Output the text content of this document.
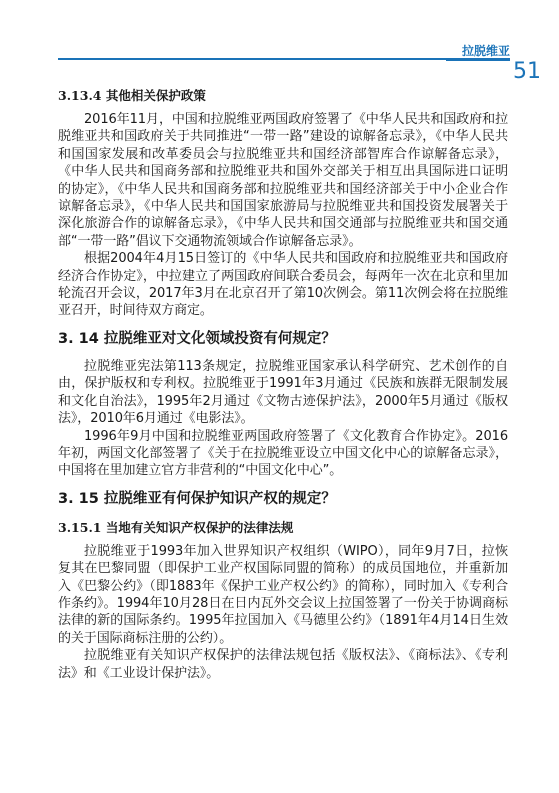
拉脱维亚
51
3.13.4 其他相关保护政策

2016年11月，中国和拉脱维亚两国政府签署了《中华人民共和国政府和拉脱维亚共和国政府关于共同推进“一带一路”建设的谅解备忘录》，《中华人民共和国国家发展和改革委员会与拉脱维亚共和国经济部智库合作谅解备忘录》，《中华人民共和国商务部和拉脱维亚共和国外交部关于相互出具国际进口证明的协定》，《中华人民共和国商务部和拉脱维亚共和国经济部关于中小企业合作谅解备忘录》，《中华人民共和国国家旅游局与拉脱维亚共和国投资发展署关于深化旅游合作的谅解备忘录》，《中华人民共和国交通部与拉脱维亚共和国交通部“一带一路”倡议下交通物流领域合作谅解备忘录》。

根据2004年4月15日签订的《中华人民共和国政府和拉脱维亚共和国政府经济合作协定》，中拉建立了两国政府间联合委员会，每两年一次在北京和里加轮流召开会议，2017年3月在北京召开了第10次例会。第11次例会将在拉脱维亚召开，时间待双方商定。

3. 14 拉脱维亚对文化领域投资有何规定？

拉脱维亚宪法第113条规定，拉脱维亚国家承认科学研究、艺术创作的自由，保护版权和专利权。拉脱维亚于1991年3月通过《民族和族群无限制发展和文化自治法》，1995年2月通过《文物古迹保护法》，2000年5月通过《版权法》，2010年6月通过《电影法》。

1996年9月中国和拉脱维亚两国政府签署了《文化教育合作协定》。2016年初，两国文化部签署了《关于在拉脱维亚设立中国文化中心的谅解备忘录》，中国将在里加建立官方非营利的“中国文化中心”。

3. 15 拉脱维亚有何保护知识产权的规定？
3.15.1 当地有关知识产权保护的法律法规

拉脱维亚于1993年加入世界知识产权组织（WIPO），同年9月7日，拉恢复其在巴黎同盟（即保护工业产权国际同盟的简称）的成员国地位，并重新加入《巴黎公约》（即1883年《保护工业产权公约》的简称），同时加入《专利合作条约》。1994年10月28日在日内瓦外交会议上拉国签署了一份关于协调商标法律的新的国际条约。1995年拉国加入《马德里公约》（1891年4月14日生效的关于国际商标注册的公约）。

拉脱维亚有关知识产权保护的法律法规包括《版权法》、《商标法》、《专利法》和《工业设计保护法》。
